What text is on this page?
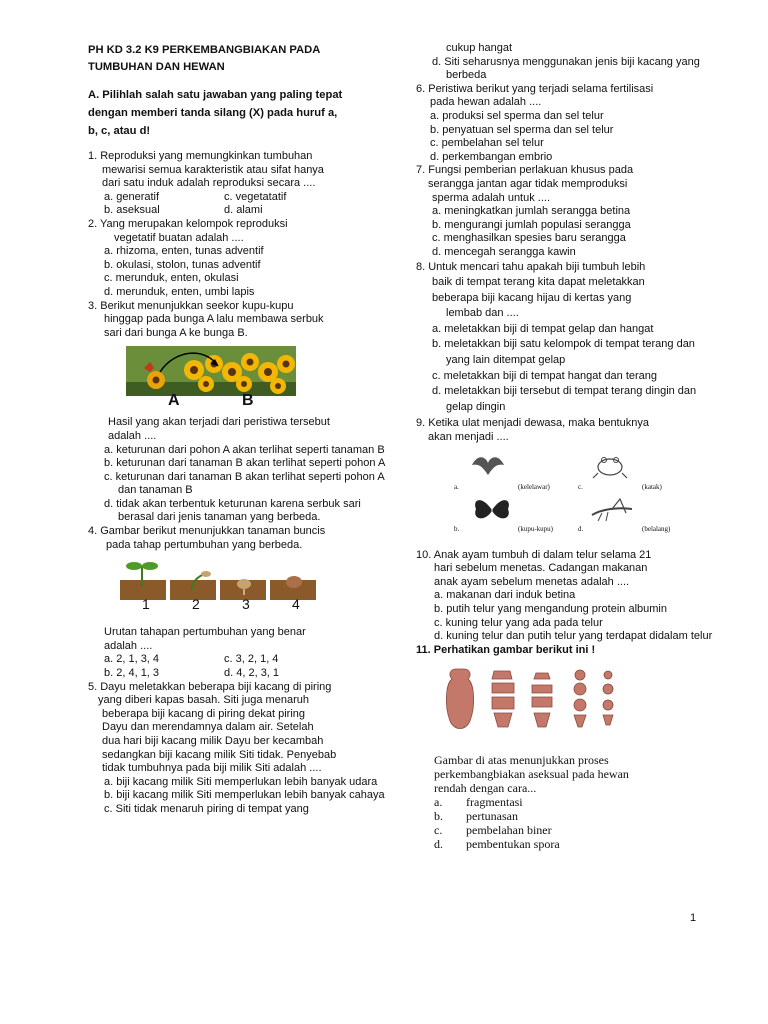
PH KD 3.2 K9 PERKEMBANGBIAKAN PADA
TUMBUHAN DAN HEWAN
A. Pilihlah salah satu jawaban yang paling tepat
dengan memberi tanda silang (X) pada huruf a,
b, c, atau d!
1. Reproduksi yang memungkinkan tumbuhan
mewarisi semua karakteristik atau sifat hanya
dari satu induk adalah reproduksi secara ....
a. generatif	c. vegetatatif
b. aseksual	d. alami
2. Yang merupakan kelompok reproduksi
vegetatif buatan adalah ....
a. rhizoma, enten, tunas adventif
b. okulasi, stolon, tunas adventif
c. merunduk, enten, okulasi
d. merunduk, enten, umbi lapis
3. Berikut menunjukkan seekor kupu-kupu
hinggap pada bunga A lalu membawa serbuk
sari dari bunga A ke bunga B.
A	B
Hasil yang akan terjadi dari peristiwa tersebut
adalah ....
a. keturunan dari pohon A akan terlihat seperti tanaman B
b. keturunan dari tanaman B akan terlihat seperti pohon A
c. keturunan dari tanaman B akan terlihat seperti pohon A dan tanaman B
d. tidak akan terbentuk keturunan karena serbuk sari berasal dari jenis tanaman yang berbeda.
4. Gambar berikut menunjukkan tanaman buncis
pada tahap pertumbuhan yang berbeda.
1	2	3	4
Urutan tahapan pertumbuhan yang benar
adalah ....
a. 2, 1, 3, 4	c. 3, 2, 1, 4
b. 2, 4, 1, 3	d. 4, 2, 3, 1
5. Dayu meletakkan beberapa biji kacang di piring
yang diberi kapas basah. Siti juga menaruh
beberapa biji kacang di piring dekat piring
Dayu dan merendamnya dalam air. Setelah
dua hari biji kacang milik Dayu ber kecambah
sedangkan biji kacang milik Siti tidak. Penyebab
tidak tumbuhnya pada biji milik Siti adalah ....
a. biji kacang milik Siti memperlukan lebih banyak udara
b. biji kacang milik Siti memperlukan lebih banyak cahaya
c. Siti tidak menaruh piring di tempat yang
cukup hangat
d. Siti seharusnya menggunakan jenis biji kacang yang berbeda
6. Peristiwa berikut yang terjadi selama fertilisasi
pada hewan adalah ....
a. produksi sel sperma dan sel telur
b. penyatuan sel sperma dan sel telur
c. pembelahan sel telur
d. perkembangan embrio
7. Fungsi pemberian perlakuan khusus pada
serangga jantan agar tidak memproduksi
sperma adalah untuk ....
a. meningkatkan jumlah serangga betina
b. mengurangi jumlah populasi serangga
c. menghasilkan spesies baru serangga
d. mencegah serangga kawin
8. Untuk mencari tahu apakah biji tumbuh lebih
baik di tempat terang kita dapat meletakkan
beberapa biji kacang hijau di kertas yang
lembab dan ....
a. meletakkan biji di tempat gelap dan hangat
b. meletakkan biji satu kelompok di tempat terang dan yang lain ditempat gelap
c. meletakkan biji di tempat hangat dan terang
d. meletakkan biji tersebut di tempat terang dingin dan gelap dingin
9. Ketika ulat menjadi dewasa, maka bentuknya
akan menjadi ....
a.	(kelelawar)	c.	(katak)
b.	(kupu-kupu)	d.	(belalang)
10. Anak ayam tumbuh di dalam telur selama 21
hari sebelum menetas. Cadangan makanan
anak ayam sebelum menetas adalah ....
a. makanan dari induk betina
b. putih telur yang mengandung protein albumin
c. kuning telur yang ada pada telur
d. kuning telur dan putih telur yang terdapat didalam telur
11. Perhatikan gambar berikut ini !
Gambar di atas menunjukkan proses
perkembangbiakan aseksual pada hewan
rendah dengan cara...
a.	fragmentasi
b.	pertunasan
c.	pembelahan biner
d.	pembentukan spora
1
